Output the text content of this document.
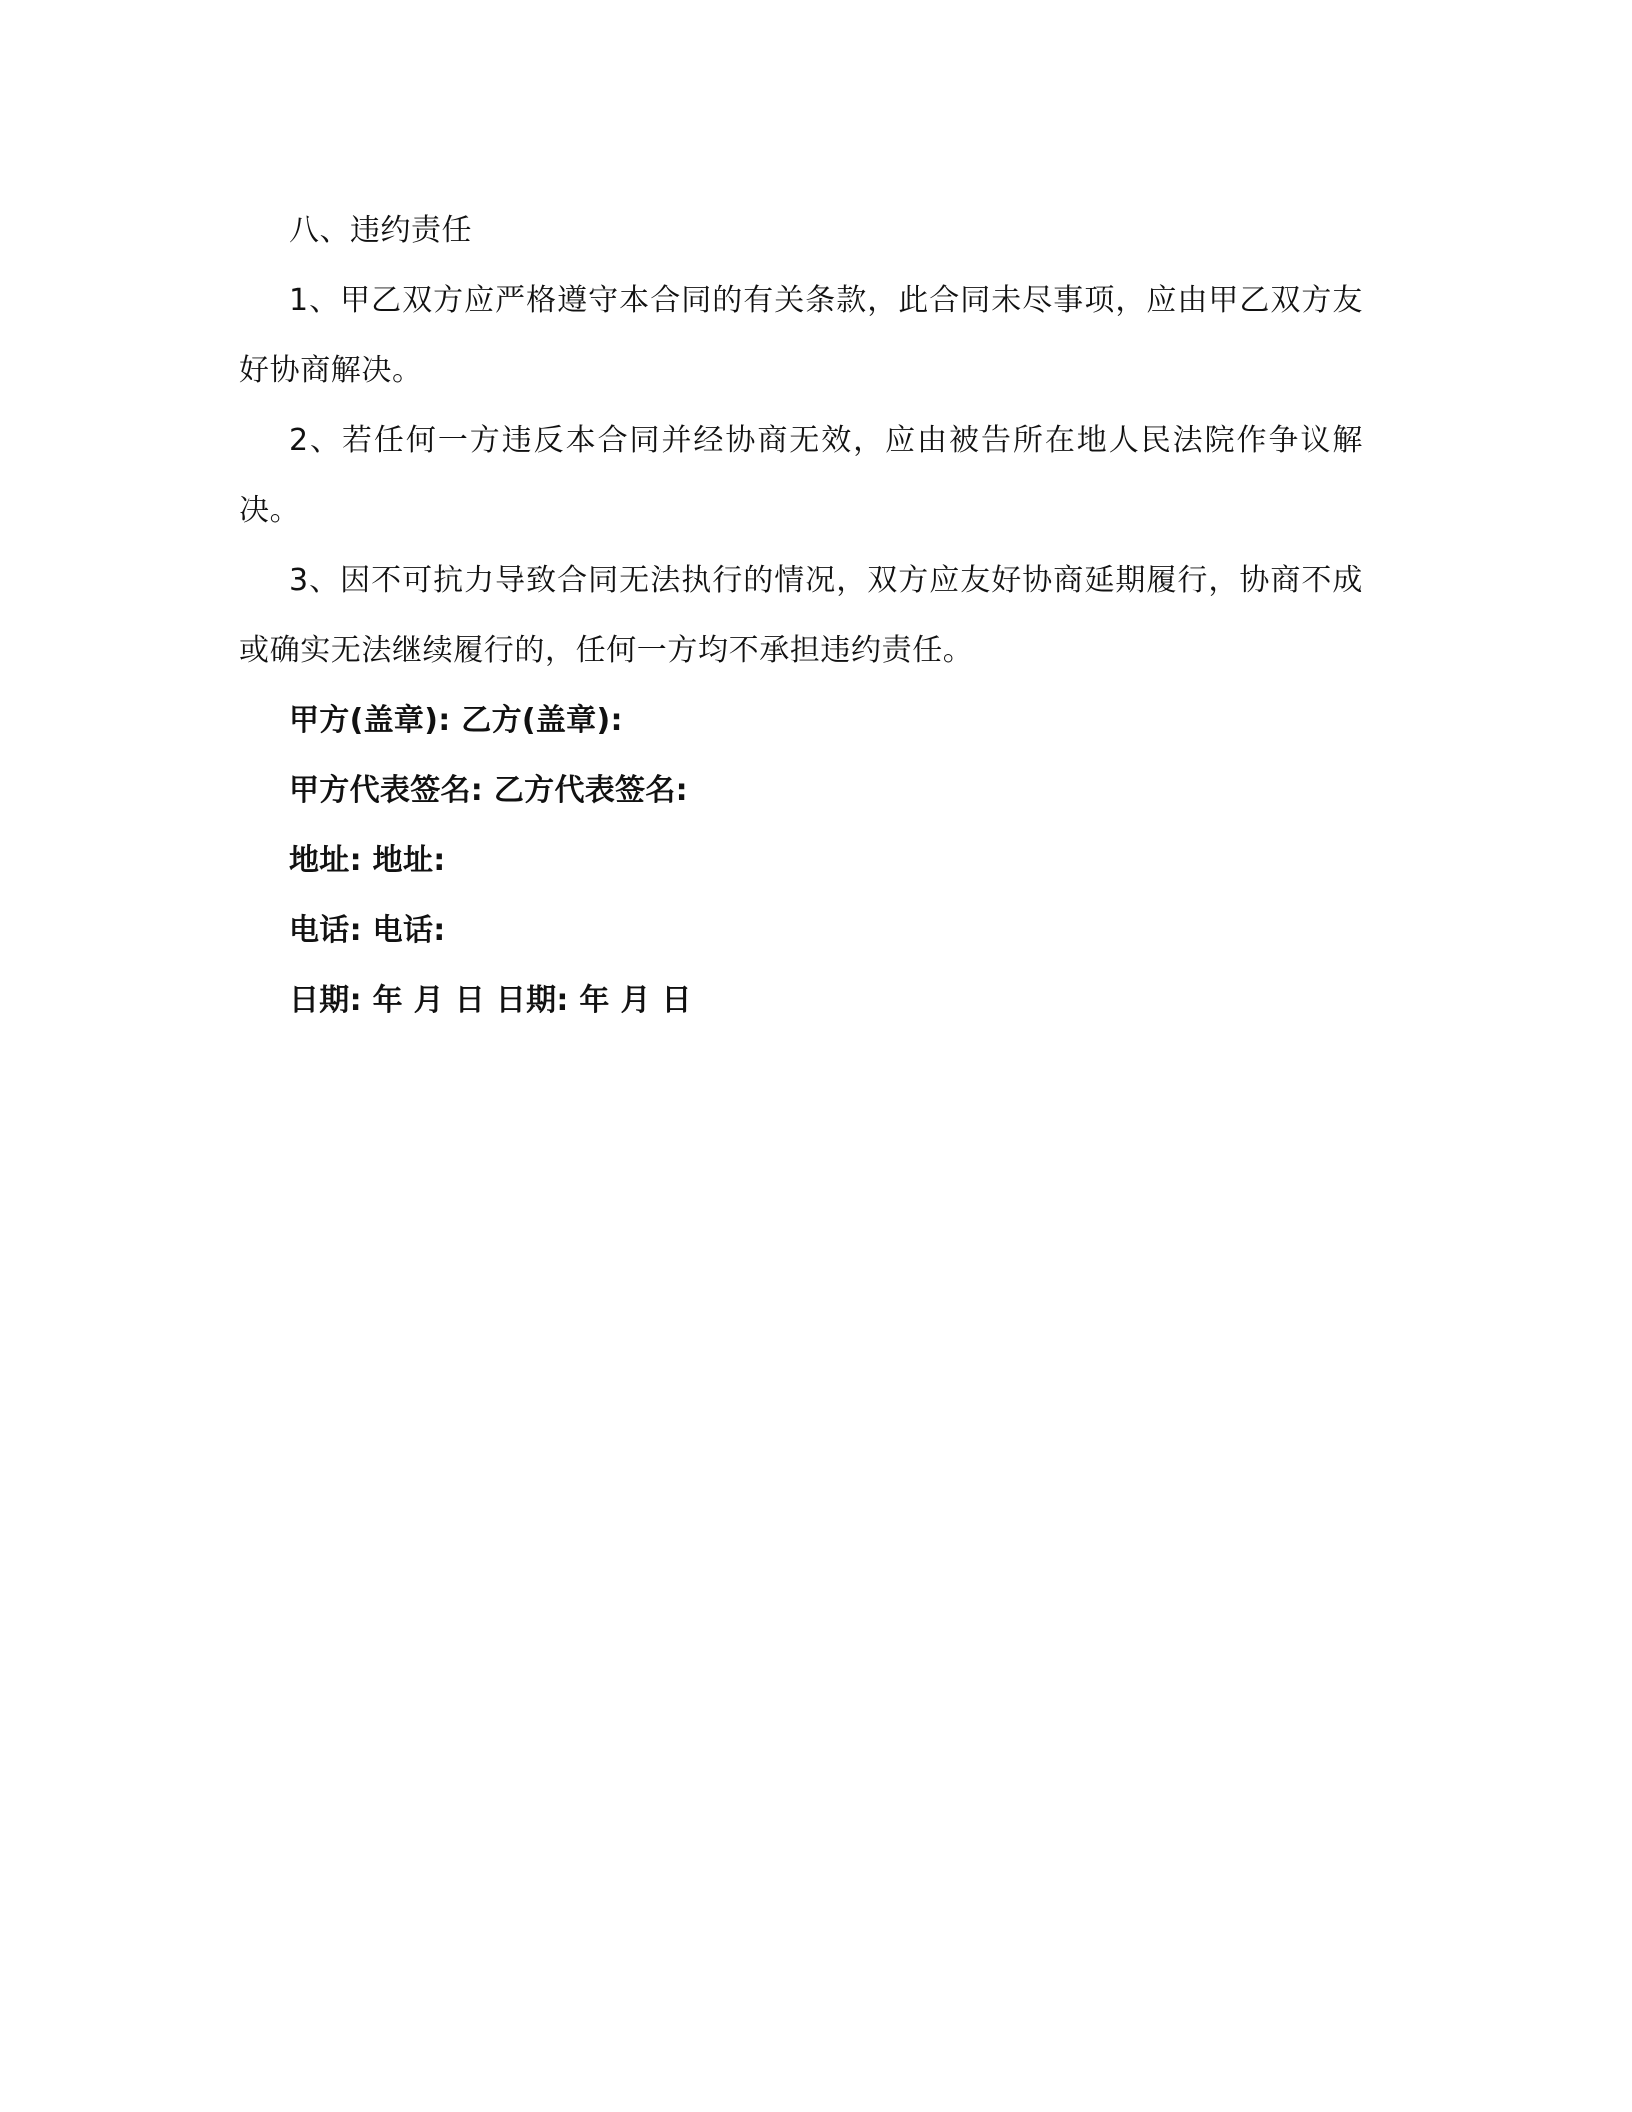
八、违约责任

1、甲乙双方应严格遵守本合同的有关条款，此合同未尽事项，应由甲乙双方友好协商解决。

2、若任何一方违反本合同并经协商无效，应由被告所在地人民法院作争议解决。

3、因不可抗力导致合同无法执行的情况，双方应友好协商延期履行，协商不成或确实无法继续履行的，任何一方均不承担违约责任。

甲方(盖章): 乙方(盖章):

甲方代表签名: 乙方代表签名:

地址: 地址:

电话: 电话:

日期: 年 月 日 日期: 年 月 日
